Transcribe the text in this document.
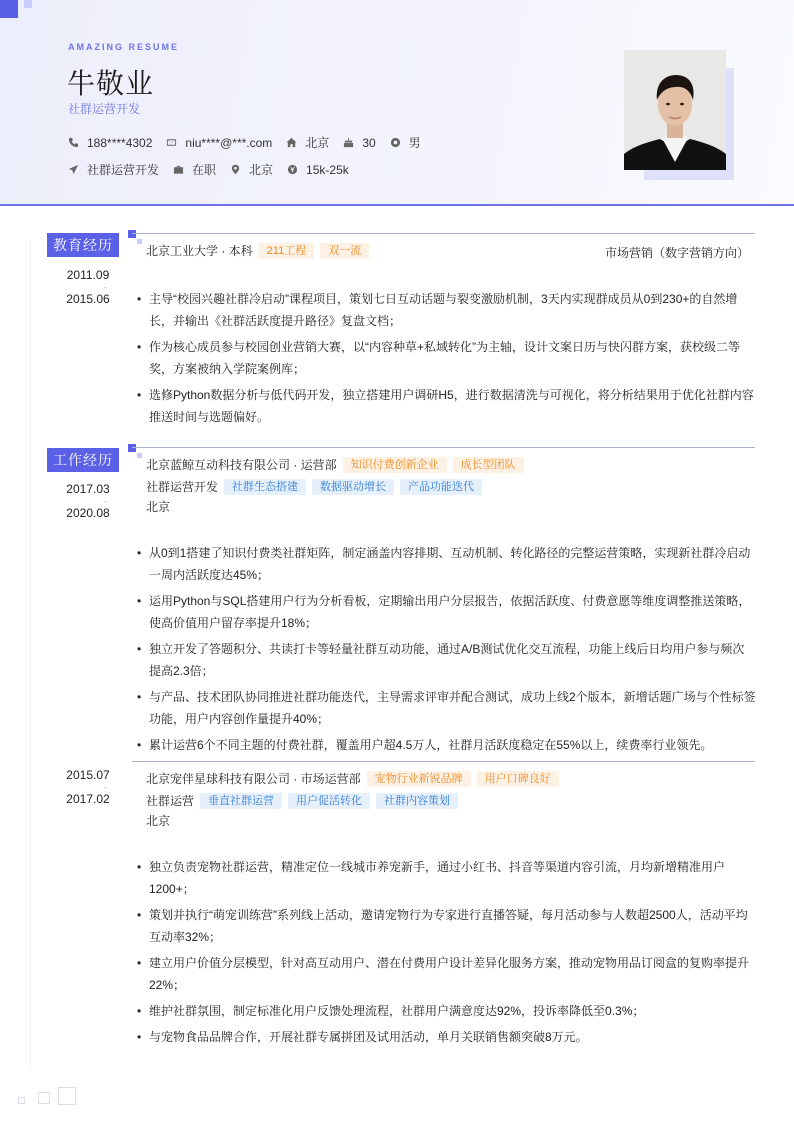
AMAZING RESUME
牛敬业
社群运营开发
188****4302	niu****@***.com	北京	30	男
社群运营开发	在职	北京	15k-25k
教育经历
2011.09
-
2015.06
北京工业大学 · 本科	211工程	双一流	市场营销（数字营销方向）
• 主导“校园兴趣社群冷启动”课程项目，策划七日互动话题与裂变激励机制，3天内实现群成员从0到230+的自然增长，并输出《社群活跃度提升路径》复盘文档；
• 作为核心成员参与校园创业营销大赛，以“内容种草+私域转化”为主轴，设计文案日历与快闪群方案，获校级二等奖，方案被纳入学院案例库；
• 选修Python数据分析与低代码开发，独立搭建用户调研H5，进行数据清洗与可视化，将分析结果用于优化社群内容推送时间与选题偏好。
工作经历
2017.03
-
2020.08
北京蓝鲸互动科技有限公司 · 运营部	知识付费创新企业	成长型团队
社群运营开发	社群生态搭建	数据驱动增长	产品功能迭代
北京
• 从0到1搭建了知识付费类社群矩阵，制定涵盖内容排期、互动机制、转化路径的完整运营策略，实现新社群冷启动一周内活跃度达45%；
• 运用Python与SQL搭建用户行为分析看板，定期输出用户分层报告，依据活跃度、付费意愿等维度调整推送策略，使高价值用户留存率提升18%；
• 独立开发了答题积分、共读打卡等轻量社群互动功能，通过A/B测试优化交互流程，功能上线后日均用户参与频次提高2.3倍；
• 与产品、技术团队协同推进社群功能迭代，主导需求评审并配合测试，成功上线2个版本，新增话题广场与个性标签功能，用户内容创作量提升40%；
• 累计运营6个不同主题的付费社群，覆盖用户超4.5万人，社群月活跃度稳定在55%以上，续费率行业领先。
2015.07
-
2017.02
北京宠伴星球科技有限公司 · 市场运营部	宠物行业新锐品牌	用户口碑良好
社群运营	垂直社群运营	用户促活转化	社群内容策划
北京
• 独立负责宠物社群运营，精准定位一线城市养宠新手，通过小红书、抖音等渠道内容引流，月均新增精准用户1200+；
• 策划并执行“萌宠训练营”系列线上活动，邀请宠物行为专家进行直播答疑，每月活动参与人数超2500人，活动平均互动率32%；
• 建立用户价值分层模型，针对高互动用户、潜在付费用户设计差异化服务方案，推动宠物用品订阅盒的复购率提升22%；
• 维护社群氛围，制定标准化用户反馈处理流程，社群用户满意度达92%，投诉率降低至0.3%；
• 与宠物食品品牌合作，开展社群专属拼团及试用活动，单月关联销售额突破8万元。
